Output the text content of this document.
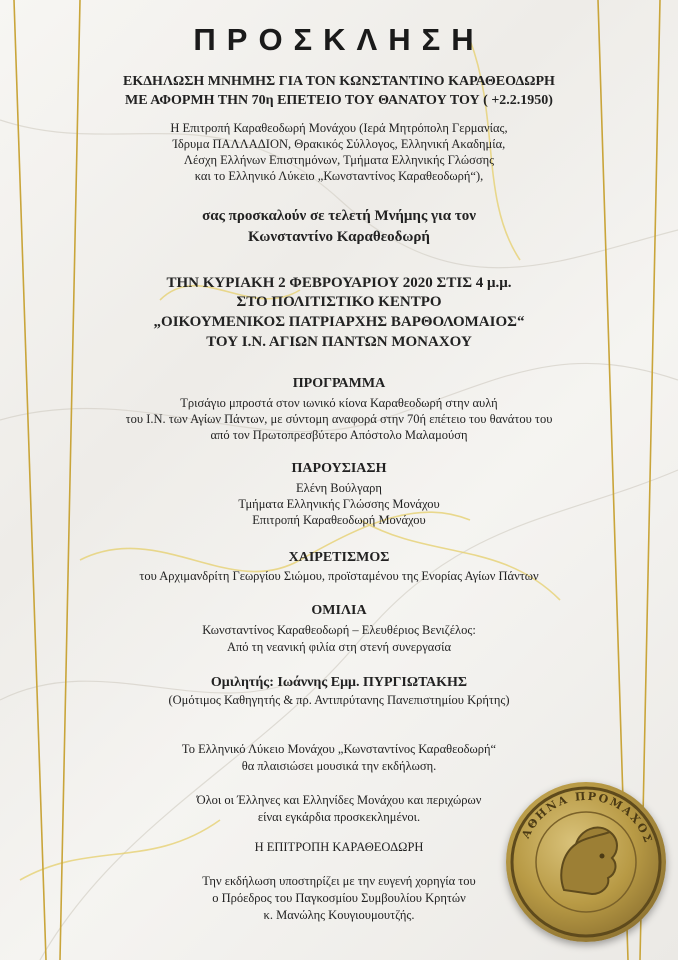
ΠΡΟΣΚΛΗΣΗ
ΕΚΔΗΛΩΣΗ ΜΝΗΜΗΣ ΓΙΑ ΤΟΝ ΚΩΝΣΤΑΝΤΙΝΟ ΚΑΡΑΘΕΟΔΩΡΗ
ΜΕ ΑΦΟΡΜΗ ΤΗΝ 70η ΕΠΕΤΕΙΟ ΤΟΥ ΘΑΝΑΤΟΥ ΤΟΥ ( +2.2.1950)
Η Επιτροπή Καραθεοδωρή Μονάχου (Ιερά Μητρόπολη Γερμανίας,
Ίδρυμα ΠΑΛΛΑΔΙΟΝ, Θρακικός Σύλλογος, Ελληνική Ακαδημία,
Λέσχη Ελλήνων Επιστημόνων, Τμήματα Ελληνικής Γλώσσης
και το Ελληνικό Λύκειο „Κωνσταντίνος Καραθεοδωρή“),
σας προσκαλούν σε τελετή Μνήμης για τον
Κωνσταντίνο Καραθεοδωρή
ΤΗΝ ΚΥΡΙΑΚΗ 2 ΦΕΒΡΟΥΑΡΙΟΥ 2020 ΣΤΙΣ 4 μ.μ.
ΣΤΟ ΠΟΛΙΤΙΣΤΙΚΟ ΚΕΝΤΡΟ
„ΟΙΚΟΥΜΕΝΙΚΟΣ ΠΑΤΡΙΑΡΧΗΣ ΒΑΡΘΟΛΟΜΑΙΟΣ“
ΤΟΥ Ι.Ν. ΑΓΙΩΝ ΠΑΝΤΩΝ ΜΟΝΑΧΟΥ
ΠΡΟΓΡΑΜΜΑ
Τρισάγιο μπροστά στον ιωνικό κίονα Καραθεοδωρή στην αυλή
του Ι.Ν. των Αγίων Πάντων, με σύντομη αναφορά στην 70ή επέτειο του θανάτου του
από τον Πρωτοπρεσβύτερο Απόστολο Μαλαμούση
ΠΑΡΟΥΣΙΑΣΗ
Ελένη Βούλγαρη
Τμήματα Ελληνικής Γλώσσης Μονάχου
Επιτροπή Καραθεοδωρή Μονάχου
ΧΑΙΡΕΤΙΣΜΟΣ
του Αρχιμανδρίτη Γεωργίου Σιώμου, προϊσταμένου της Ενορίας Αγίων Πάντων
ΟΜΙΛΙΑ
Κωνσταντίνος Καραθεοδωρή – Ελευθέριος Βενιζέλος:
Από τη νεανική φιλία στη στενή συνεργασία
Ομιλητής: Ιωάννης Εμμ. ΠΥΡΓΙΩΤΑΚΗΣ
(Ομότιμος Καθηγητής & πρ. Αντιπρύτανης Πανεπιστημίου Κρήτης)
Το Ελληνικό Λύκειο Μονάχου „Κωνσταντίνος Καραθεοδωρή“
θα πλαισιώσει μουσικά την εκδήλωση.
Όλοι οι Έλληνες και Ελληνίδες Μονάχου και περιχώρων
είναι εγκάρδια προσκεκλημένοι.
Η ΕΠΙΤΡΟΠΗ ΚΑΡΑΘΕΟΔΩΡΗ
Την εκδήλωση υποστηρίζει με την ευγενή χορηγία του
ο Πρόεδρος του Παγκοσμίου Συμβουλίου Κρητών
κ. Μανώλης Κουγιουμουτζής.
ΑΘΗΝΑ ΠΡΟΜΑΧΟΣ
